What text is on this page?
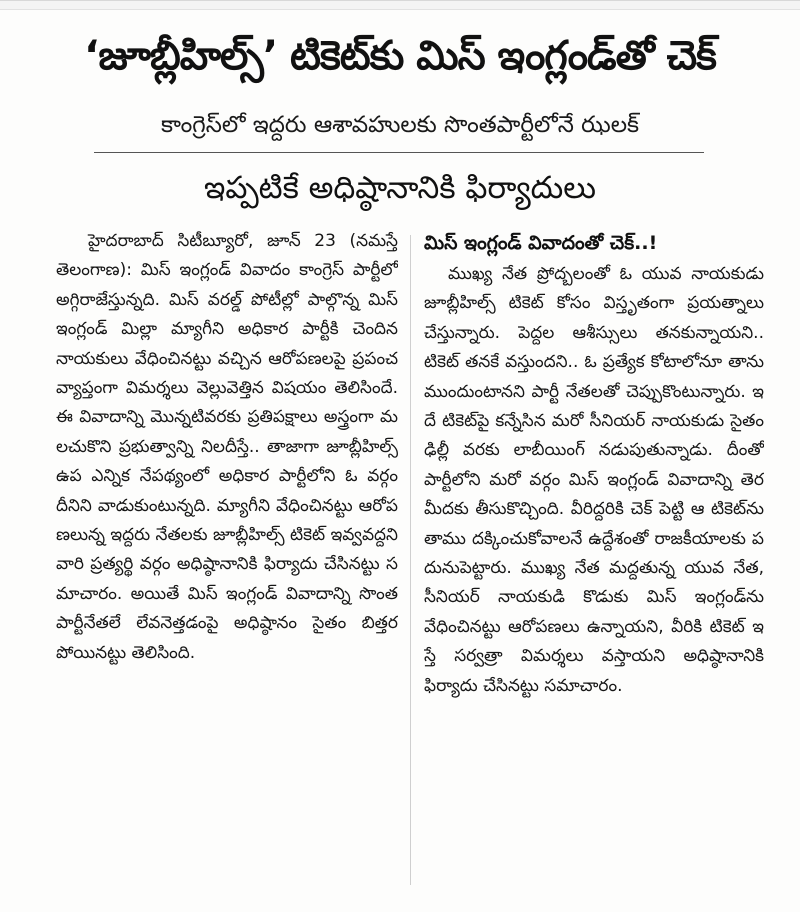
‘జూబ్లీహిల్స్’ టికెట్‌కు మిస్ ఇంగ్లండ్‌తో చెక్
కాంగ్రెస్‌లో ఇద్దరు ఆశావహులకు సొంతపార్టీలోనే ఝలక్
ఇప్పటికే అధిష్ఠానానికి ఫిర్యాదులు

హైదరాబాద్ సిటీబ్యూరో, జూన్ 23 (నమస్తే తెలంగాణ): మిస్ ఇంగ్లండ్ వివాదం కాంగ్రెస్ పార్టీలో అగ్గిరాజేస్తున్నది. మిస్ వరల్డ్ పోటీల్లో పాల్గొన్న మిస్ ఇంగ్లండ్ మిల్లా మ్యాగీని అధికార పార్టీకి చెందిన నాయకులు వేధించినట్టు వచ్చిన ఆరోపణలపై ప్రపంచవ్యాప్తంగా విమర్శలు వెల్లువెత్తిన విషయం తెలిసిందే. ఈ వివాదాన్ని మొన్నటివరకు ప్రతిపక్షాలు అస్త్రంగా మలచుకొని ప్రభుత్వాన్ని నిలదీస్తే.. తాజాగా జూబ్లీహిల్స్ ఉప ఎన్నిక నేపథ్యంలో అధికార పార్టీలోని ఓ వర్గం దీనిని వాడుకుంటున్నది. మ్యాగీని వేధించినట్టు ఆరోపణలున్న ఇద్దరు నేతలకు జూబ్లీహిల్స్ టికెట్ ఇవ్వవద్దని వారి ప్రత్యర్థి వర్గం అధిష్ఠానానికి ఫిర్యాదు చేసినట్టు సమాచారం. అయితే మిస్ ఇంగ్లండ్ వివాదాన్ని సొంత పార్టీనేతలే లేవనెత్తడంపై అధిష్ఠానం సైతం బిత్తరపోయినట్టు తెలిసింది.

మిస్ ఇంగ్లండ్ వివాదంతో చెక్..!

ముఖ్య నేత ప్రోద్బలంతో ఓ యువ నాయకుడు జూబ్లీహిల్స్ టికెట్ కోసం విస్తృతంగా ప్రయత్నాలు చేస్తున్నారు. పెద్దల ఆశీస్సులు తనకున్నాయని.. టికెట్ తనకే వస్తుందని.. ఓ ప్రత్యేక కోటాలోనూ తాను ముందుంటానని పార్టీ నేతలతో చెప్పుకొంటున్నారు. ఇదే టికెట్‌పై కన్నేసిన మరో సీనియర్ నాయకుడు సైతం ఢిల్లీ వరకు లాబీయింగ్ నడుపుతున్నాడు. దీంతో పార్టీలోని మరో వర్గం మిస్ ఇంగ్లండ్ వివాదాన్ని తెరమీదకు తీసుకొచ్చింది. వీరిద్దరికి చెక్ పెట్టి ఆ టికెట్‌ను తాము దక్కించుకోవాలనే ఉద్దేశంతో రాజకీయాలకు పదునుపెట్టారు. ముఖ్య నేత మద్దతున్న యువ నేత, సీనియర్ నాయకుడి కొడుకు మిస్ ఇంగ్లండ్‌ను వేధించినట్టు ఆరోపణలు ఉన్నాయని, వీరికి టికెట్ ఇస్తే సర్వత్రా విమర్శలు వస్తాయని అధిష్ఠానానికి ఫిర్యాదు చేసినట్టు సమాచారం.
